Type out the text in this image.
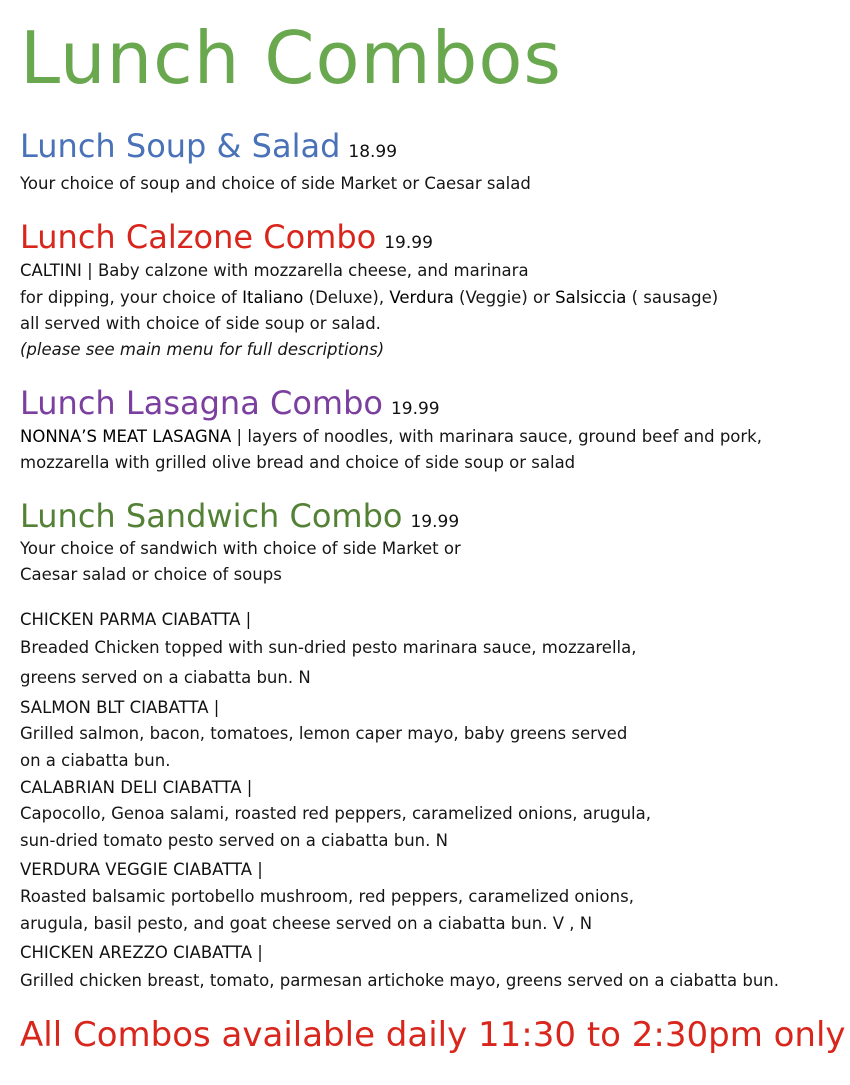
Lunch Combos
Lunch Soup & Salad 18.99
Your choice of soup and choice of side Market or Caesar salad
Lunch Calzone Combo 19.99
CALTINI | Baby calzone with mozzarella cheese, and marinara
for dipping, your choice of Italiano (Deluxe), Verdura (Veggie) or Salsiccia ( sausage)
all served with choice of side soup or salad.
(please see main menu for full descriptions)
Lunch Lasagna Combo 19.99
NONNA’S MEAT LASAGNA | layers of noodles, with marinara sauce, ground beef and pork,
mozzarella with grilled olive bread and choice of side soup or salad
Lunch Sandwich Combo 19.99
Your choice of sandwich with choice of side Market or
Caesar salad or choice of soups
CHICKEN PARMA CIABATTA |
Breaded Chicken topped with sun-dried pesto marinara sauce, mozzarella,
greens served on a ciabatta bun. N
SALMON BLT CIABATTA |
Grilled salmon, bacon, tomatoes, lemon caper mayo, baby greens served
on a ciabatta bun.
CALABRIAN DELI CIABATTA |
Capocollo, Genoa salami, roasted red peppers, caramelized onions, arugula,
sun-dried tomato pesto served on a ciabatta bun. N
VERDURA VEGGIE CIABATTA |
Roasted balsamic portobello mushroom, red peppers, caramelized onions,
arugula, basil pesto, and goat cheese served on a ciabatta bun. V , N
CHICKEN AREZZO CIABATTA |
Grilled chicken breast, tomato, parmesan artichoke mayo, greens served on a ciabatta bun.
All Combos available daily 11:30 to 2:30pm only
